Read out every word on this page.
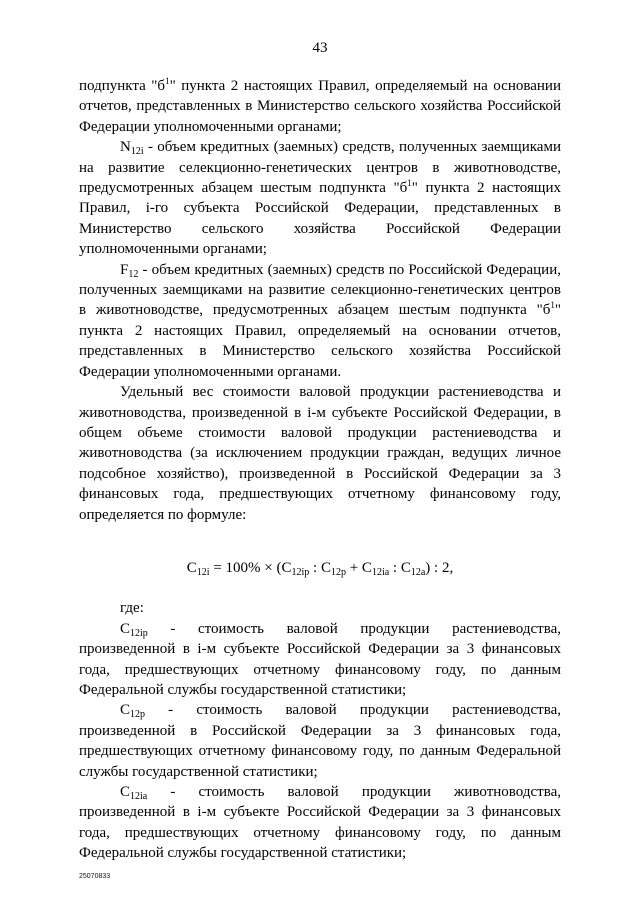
43

подпункта "$б^1$" пункта 2 настоящих Правил, определяемый на основании отчетов, представленных в Министерство сельского хозяйства Российской Федерации уполномоченными органами;

$N_{12i}$ - объем кредитных (заемных) средств, полученных заемщиками на развитие селекционно-генетических центров в животноводстве, предусмотренных абзацем шестым подпункта "$б^1$" пункта 2 настоящих Правил, i-го субъекта Российской Федерации, представленных в Министерство сельского хозяйства Российской Федерации уполномоченными органами;

$F_{12}$ - объем кредитных (заемных) средств по Российской Федерации, полученных заемщиками на развитие селекционно-генетических центров в животноводстве, предусмотренных абзацем шестым подпункта "$б^1$" пункта 2 настоящих Правил, определяемый на основании отчетов, представленных в Министерство сельского хозяйства Российской Федерации уполномоченными органами.

Удельный вес стоимости валовой продукции растениеводства и животноводства, произведенной в i-м субъекте Российской Федерации, в общем объеме стоимости валовой продукции растениеводства и животноводства (за исключением продукции граждан, ведущих личное подсобное хозяйство), произведенной в Российской Федерации за 3 финансовых года, предшествующих отчетному финансовому году, определяется по формуле:

$C_{12i} = 100\% \times (C_{12ip}$ : $C_{12p} + C_{12ia}$ : $C_{12a}$) : 2,

где:

$C_{12ip}$ - стоимость валовой продукции растениеводства, произведенной в i-м субъекте Российской Федерации за 3 финансовых года, предшествующих отчетному финансовому году, по данным Федеральной службы государственной статистики;

$C_{12p}$ - стоимость валовой продукции растениеводства, произведенной в Российской Федерации за 3 финансовых года, предшествующих отчетному финансовому году, по данным Федеральной службы государственной статистики;

$C_{12ia}$ - стоимость валовой продукции животноводства, произведенной в i-м субъекте Российской Федерации за 3 финансовых года, предшествующих отчетному финансовому году, по данным Федеральной службы государственной статистики;

25070833
